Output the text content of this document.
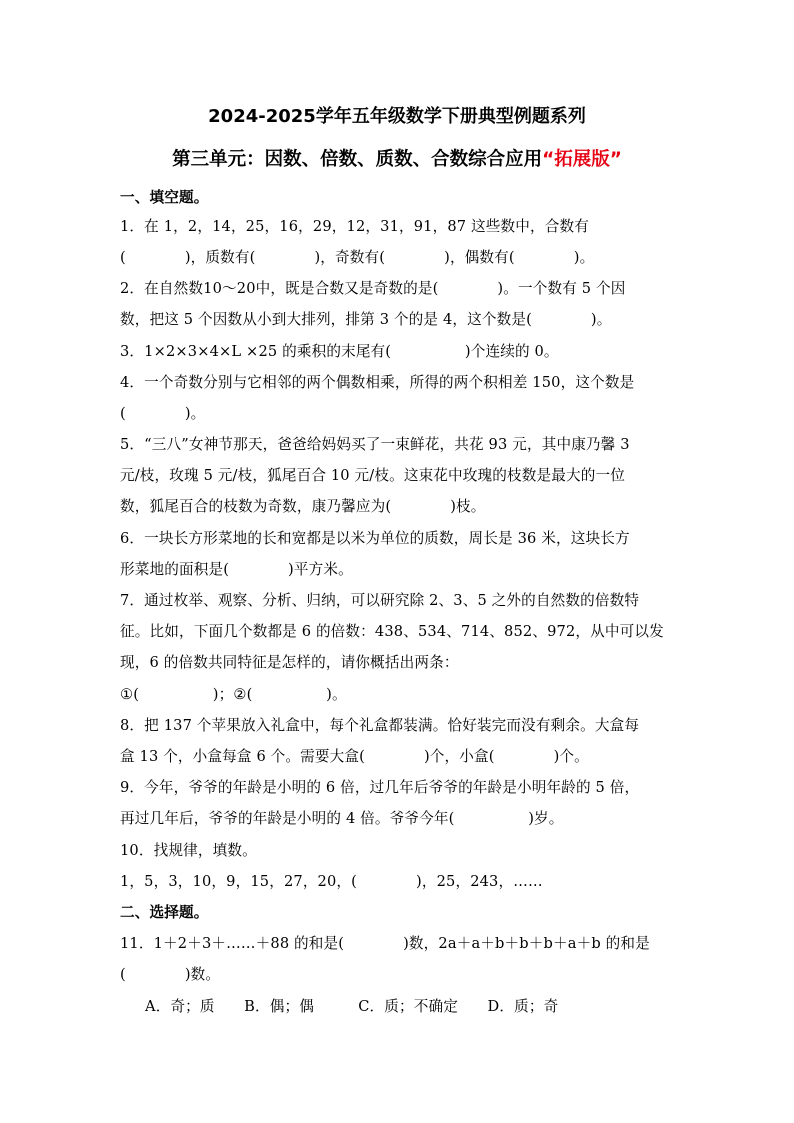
2024-2025学年五年级数学下册典型例题系列
第三单元：因数、倍数、质数、合数综合应用“拓展版”
一、填空题。
1．在 1，2，14，25，16，29，12，31，91，87 这些数中，合数有
(　　　　)，质数有(　　　　)，奇数有(　　　　)，偶数有(　　　　)。
2．在自然数10～20中，既是合数又是奇数的是(　　　　)。一个数有 5 个因
数，把这 5 个因数从小到大排列，排第 3 个的是 4，这个数是(　　　　)。
3．1×2×3×4×L ×25 的乘积的末尾有(　　　　　)个连续的 0。
4．一个奇数分别与它相邻的两个偶数相乘，所得的两个积相差 150，这个数是
(　　　　)。
5．“三八”女神节那天，爸爸给妈妈买了一束鲜花，共花 93 元，其中康乃馨 3
元/枝，玫瑰 5 元/枝，狐尾百合 10 元/枝。这束花中玫瑰的枝数是最大的一位
数，狐尾百合的枝数为奇数，康乃馨应为(　　　　)枝。
6．一块长方形菜地的长和宽都是以米为单位的质数，周长是 36 米，这块长方
形菜地的面积是(　　　　)平方米。
7．通过枚举、观察、分析、归纳，可以研究除 2、3、5 之外的自然数的倍数特
征。比如，下面几个数都是 6 的倍数：438、534、714、852、972，从中可以发
现，6 的倍数共同特征是怎样的，请你概括出两条：
①(　　　　　)；②(　　　　　)。
8．把 137 个苹果放入礼盒中，每个礼盒都装满。恰好装完而没有剩余。大盒每
盒 13 个，小盒每盒 6 个。需要大盒(　　　　)个，小盒(　　　　)个。
9．今年，爷爷的年龄是小明的 6 倍，过几年后爷爷的年龄是小明年龄的 5 倍，
再过几年后，爷爷的年龄是小明的 4 倍。爷爷今年(　　　　　)岁。
10．找规律，填数。
1，5，3，10，9，15，27，20，(　　　　)，25，243，……
二、选择题。
11．1＋2＋3＋……＋88 的和是(　　　　)数，2a＋a＋b＋b＋b＋a＋b 的和是
(　　　　)数。
A．奇；质　　B．偶；偶　　　C．质；不确定　　D．质；奇
